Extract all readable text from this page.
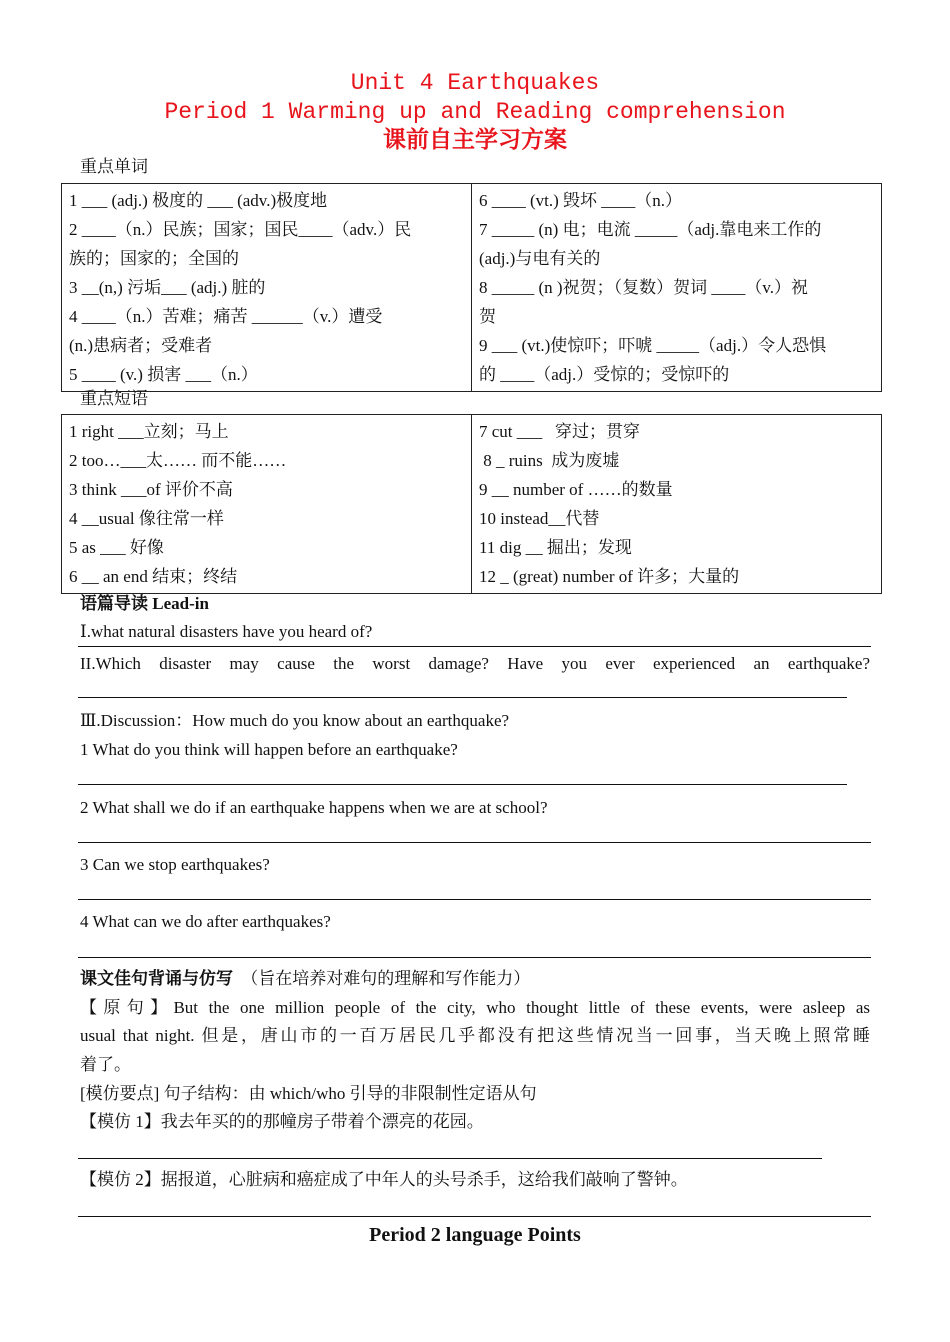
Unit 4 Earthquakes
Period 1 Warming up and Reading comprehension
课前自主学习方案
重点单词
1 ___ (adj.) 极度的 ___ (adv.)极度地
2 ____（n.）民族；国家；国民____（adv.）民
族的；国家的；全国的
3 __(n,) 污垢___ (adj.) 脏的
4 ____（n.）苦难；痛苦 ______（v.）遭受
(n.)患病者；受难者
5 ____ (v.) 损害 ___（n.）

6 ____ (vt.) 毁坏 ____（n.）
7 _____ (n) 电；电流 _____（adj.靠电来工作的
(adj.)与电有关的
8 _____ (n )祝贺；（复数）贺词 ____（v.）祝
贺
9 ___ (vt.)使惊吓；吓唬 _____（adj.）令人恐惧
的 ____（adj.）受惊的；受惊吓的
重点短语
1 right ___立刻；马上
2 too…___太…… 而不能……
3 think ___of 评价不高
4 __usual 像往常一样
5 as ___ 好像
6 __ an end 结束；终结

7 cut ___   穿过；贯穿
8 _ ruins  成为废墟
9 __ number of ……的数量
10 instead__代替
11 dig __ 掘出；发现
12 _ (great) number of 许多；大量的
语篇导读 Lead-in
Ⅰ.what natural disasters have you heard of?
II.Which disaster may cause the worst damage? Have you ever experienced an earthquake?
Ⅲ.Discussion：How much do you know about an earthquake?
1 What do you think will happen before an earthquake?
2 What shall we do if an earthquake happens when we are at school?
3 Can we stop earthquakes?
4 What can we do after earthquakes?
课文佳句背诵与仿写 （旨在培养对难句的理解和写作能力）
【原句】But the one million people of the city, who thought little of these events, were asleep as
usual that night. 但是，唐山市的一百万居民几乎都没有把这些情况当一回事，当天晚上照常睡
着了。
[模仿要点] 句子结构：由 which/who 引导的非限制性定语从句
【模仿 1】我去年买的的那幢房子带着个漂亮的花园。
【模仿 2】据报道，心脏病和癌症成了中年人的头号杀手，这给我们敲响了警钟。
Period 2 language Points
